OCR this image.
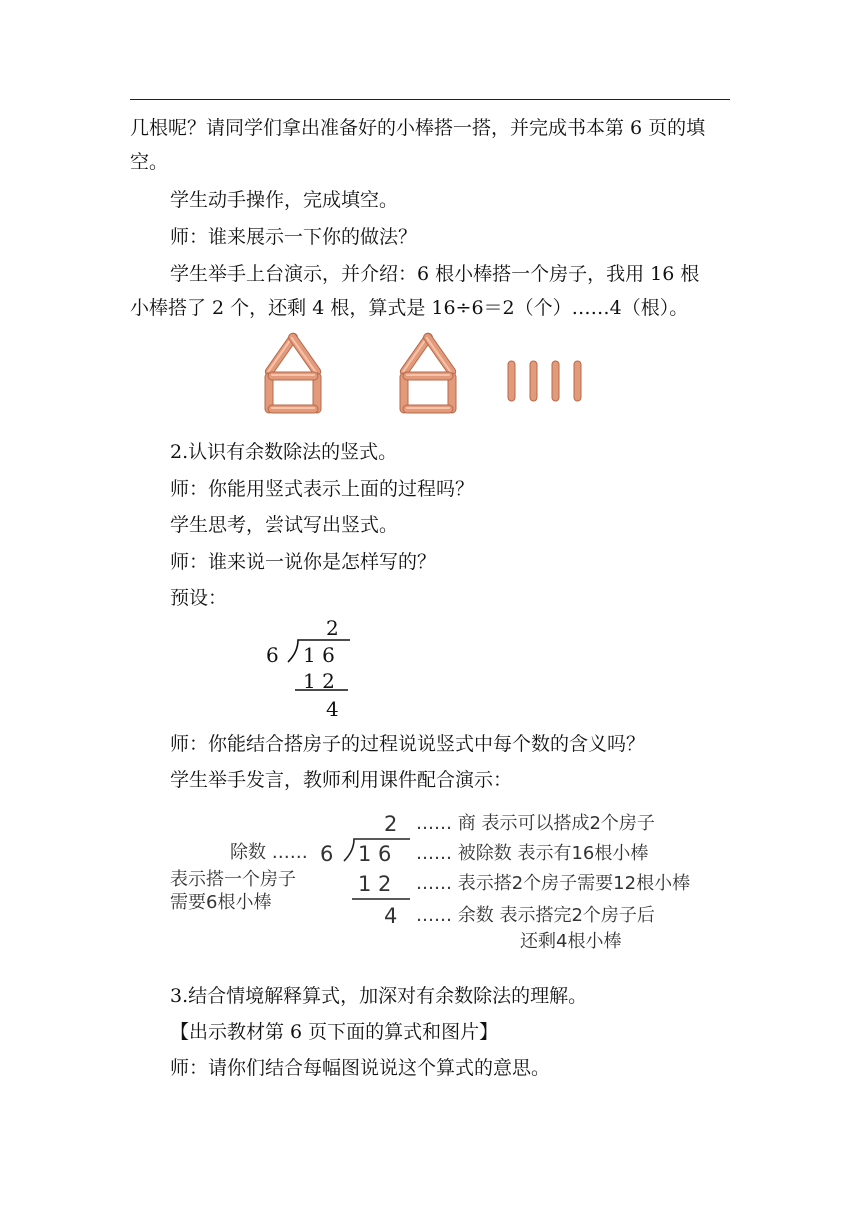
几根呢？请同学们拿出准备好的小棒搭一搭，并完成书本第 6 页的填
空。
学生动手操作，完成填空。
师：谁来展示一下你的做法？
学生举手上台演示，并介绍：6 根小棒搭一个房子，我用 16 根
小棒搭了 2 个，还剩 4 根，算式是 16÷6＝2（个）……4（根）。
2.认识有余数除法的竖式。
师：你能用竖式表示上面的过程吗？
学生思考，尝试写出竖式。
师：谁来说一说你是怎样写的？
预设：
2
6 1 6
1 2
4
师：你能结合搭房子的过程说说竖式中每个数的含义吗？
学生举手发言，教师利用课件配合演示：
2
6 1 6
1 2
4
除数 ……
表示搭一个房子
需要6根小棒
…… 商 表示可以搭成2个房子
…… 被除数 表示有16根小棒
…… 表示搭2个房子需要12根小棒
…… 余数 表示搭完2个房子后
还剩4根小棒
3.结合情境解释算式，加深对有余数除法的理解。
【出示教材第 6 页下面的算式和图片】
师：请你们结合每幅图说说这个算式的意思。
